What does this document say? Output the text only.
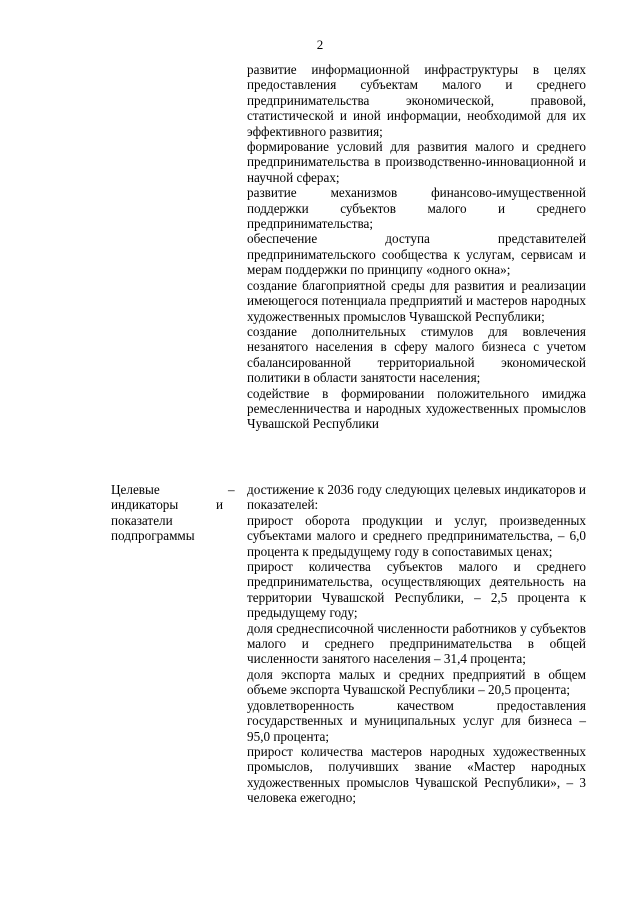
2

развитие информационной инфраструктуры в целях предоставления субъектам малого и среднего предпринимательства экономической, правовой, статистической и иной информации, необходимой для их эффективного развития;

формирование условий для развития малого и среднего предпринимательства в производственно-инновационной и научной сферах;

развитие механизмов финансово-имущественной поддержки субъектов малого и среднего предпринимательства;

обеспечение доступа представителей предпринимательского сообщества к услугам, сервисам и мерам поддержки по принципу «одного окна»;

создание благоприятной среды для развития и реализации имеющегося потенциала предприятий и мастеров народных художественных промыслов Чувашской Республики;

создание дополнительных стимулов для вовлечения незанятого населения в сферу малого бизнеса с учетом сбалансированной территориальной экономической политики в области занятости населения;

содействие в формировании положительного имиджа ремесленничества и народных художественных промыслов Чувашской Республики

Целевые индикаторы и показатели подпрограммы
– достижение к 2036 году следующих целевых индикаторов и показателей:

прирост оборота продукции и услуг, произведенных субъектами малого и среднего предпринимательства, – 6,0 процента к предыдущему году в сопоставимых ценах;

прирост количества субъектов малого и среднего предпринимательства, осуществляющих деятельность на территории Чувашской Республики, – 2,5 процента к предыдущему году;

доля среднесписочной численности работников у субъектов малого и среднего предпринимательства в общей численности занятого населения – 31,4 процента;

доля экспорта малых и средних предприятий в общем объеме экспорта Чувашской Республики – 20,5 процента;

удовлетворенность качеством предоставления государственных и муниципальных услуг для бизнеса – 95,0 процента;

прирост количества мастеров народных художественных промыслов, получивших звание «Мастер народных художественных промыслов Чувашской Республики», – 3 человека ежегодно;
